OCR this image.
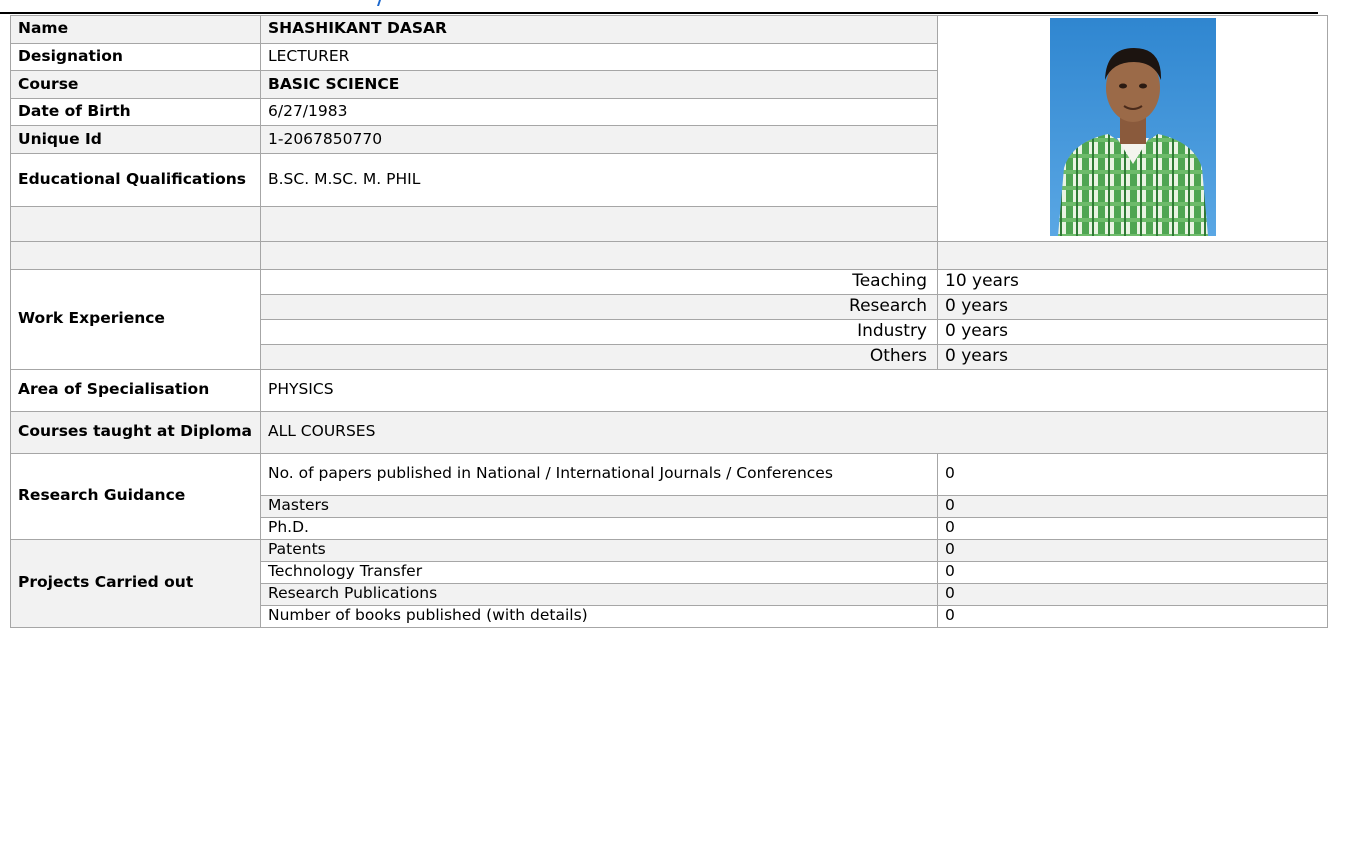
Name	SHASHIKANT DASAR	
Designation	LECTURER	
Course	BASIC SCIENCE	
Date of Birth	6/27/1983	
Unique Id	1-2067850770	
Educational Qualifications	B.SC. M.SC. M. PHIL	

Work Experience	Teaching	10 years
	Research	0 years
	Industry	0 years
	Others	0 years
Area of Specialisation	PHYSICS	
Courses taught at Diploma	ALL COURSES	
Research Guidance	No. of papers published in National / International Journals / Conferences	0
	Masters	0
	Ph.D.	0
Projects Carried out	Patents	0
	Technology Transfer	0
	Research Publications	0
	Number of books published (with details)	0
